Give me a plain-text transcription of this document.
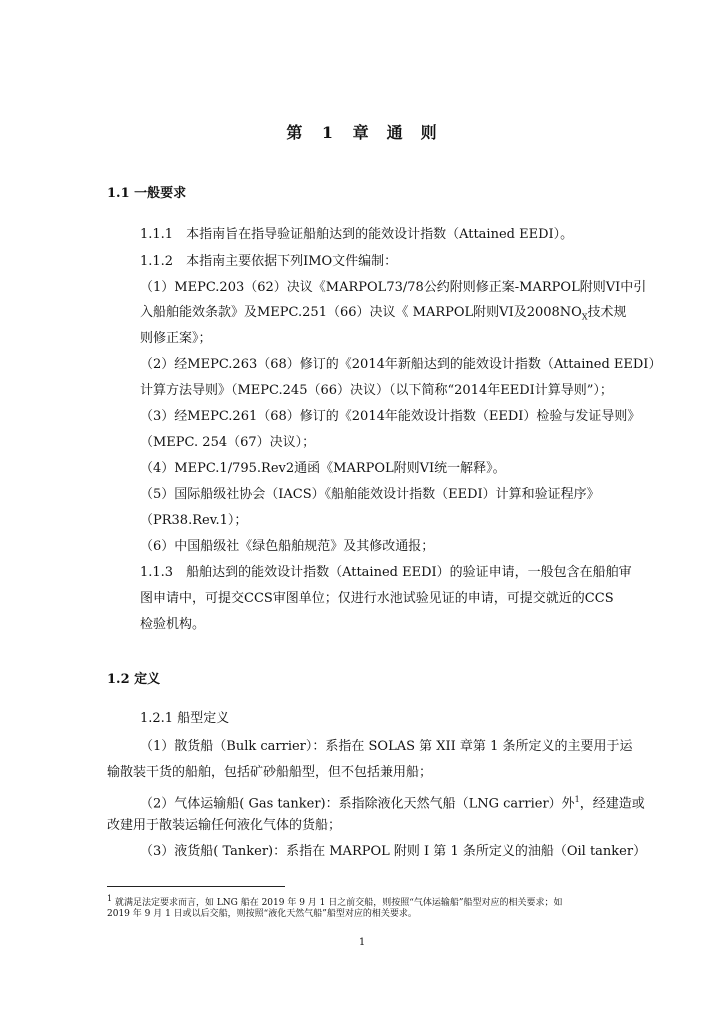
第 1 章　通　则
1.1 一般要求
1.1.1　本指南旨在指导验证船舶达到的能效设计指数（Attained EEDI）。
1.1.2　本指南主要依据下列IMO文件编制：
（1）MEPC.203（62）决议《MARPOL73/78公约附则修正案-MARPOL附则VI中引
入船舶能效条款》及MEPC.251（66）决议《 MARPOL附则VI及$2008NO_X$技术规
则修正案》；
（2）经MEPC.263（68）修订的《2014年新船达到的能效设计指数（Attained EEDI）
计算方法导则》（MEPC.245（66）决议）（以下简称“2014年EEDI计算导则”）；
（3）经MEPC.261（68）修订的《2014年能效设计指数（EEDI）检验与发证导则》
（MEPC. 254（67）决议）；
（4）MEPC.1/795.Rev2通函《MARPOL附则VI统一解释》。
（5）国际船级社协会（IACS）《船舶能效设计指数（EEDI）计算和验证程序》
（PR38.Rev.1）；
（6）中国船级社《绿色船舶规范》及其修改通报；
1.1.3　船舶达到的能效设计指数（Attained EEDI）的验证申请，一般包含在船舶审
图申请中，可提交CCS审图单位；仅进行水池试验见证的申请，可提交就近的CCS
检验机构。
1.2 定义
1.2.1 船型定义
（1）散货船（Bulk carrier）：系指在 SOLAS 第 XII 章第 1 条所定义的主要用于运
输散装干货的船舶，包括矿砂船船型，但不包括兼用船；
（2）气体运输船( Gas tanker)：系指除液化天然气船（LNG carrier）外$^1$，经建造或
改建用于散装运输任何液化气体的货船；
（3）液货船( Tanker)：系指在 MARPOL 附则 I 第 1 条所定义的油船（Oil tanker）
$^1$ 就满足法定要求而言，如 LNG 船在 2019 年 9 月 1 日之前交船，则按照“气体运输船”船型对应的相关要求；如
2019 年 9 月 1 日或以后交船，则按照“液化天然气船”船型对应的相关要求。
1
